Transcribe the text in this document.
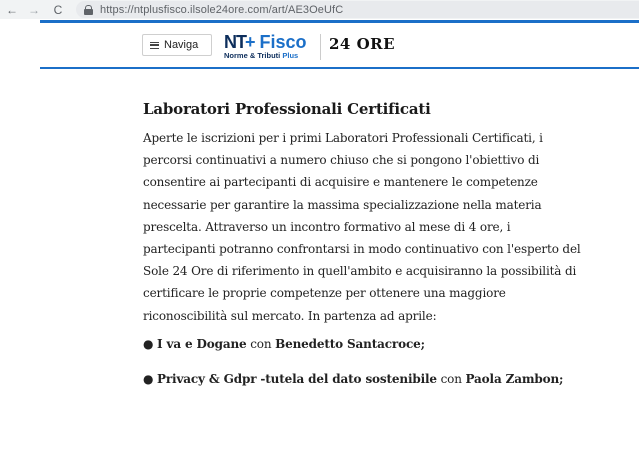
← →	C	https://ntplusfisco.ilsole24ore.com/art/AE3OeUfC
Naviga NT + Fisco
Norme & Tributi Plus
24 ORE
Laboratori Professionali Certificati

Aperte le iscrizioni per i primi Laboratori Professionali Certificati, i percorsi continuativi a numero chiuso che si pongono l'obiettivo di consentire ai partecipanti di acquisire e mantenere le competenze necessarie per garantire la massima specializzazione nella materia prescelta. Attraverso un incontro formativo al mese di 4 ore, i partecipanti potranno confrontarsi in modo continuativo con l'esperto del Sole 24 Ore di riferimento in quell'ambito e acquisiranno la possibilità di certificare le proprie competenze per ottenere una maggiore riconoscibilità sul mercato. In partenza ad aprile:

● I va e Dogane con Benedetto Santacroce;
● Privacy & Gdpr -tutela del dato sostenibile con Paola Zambon;
